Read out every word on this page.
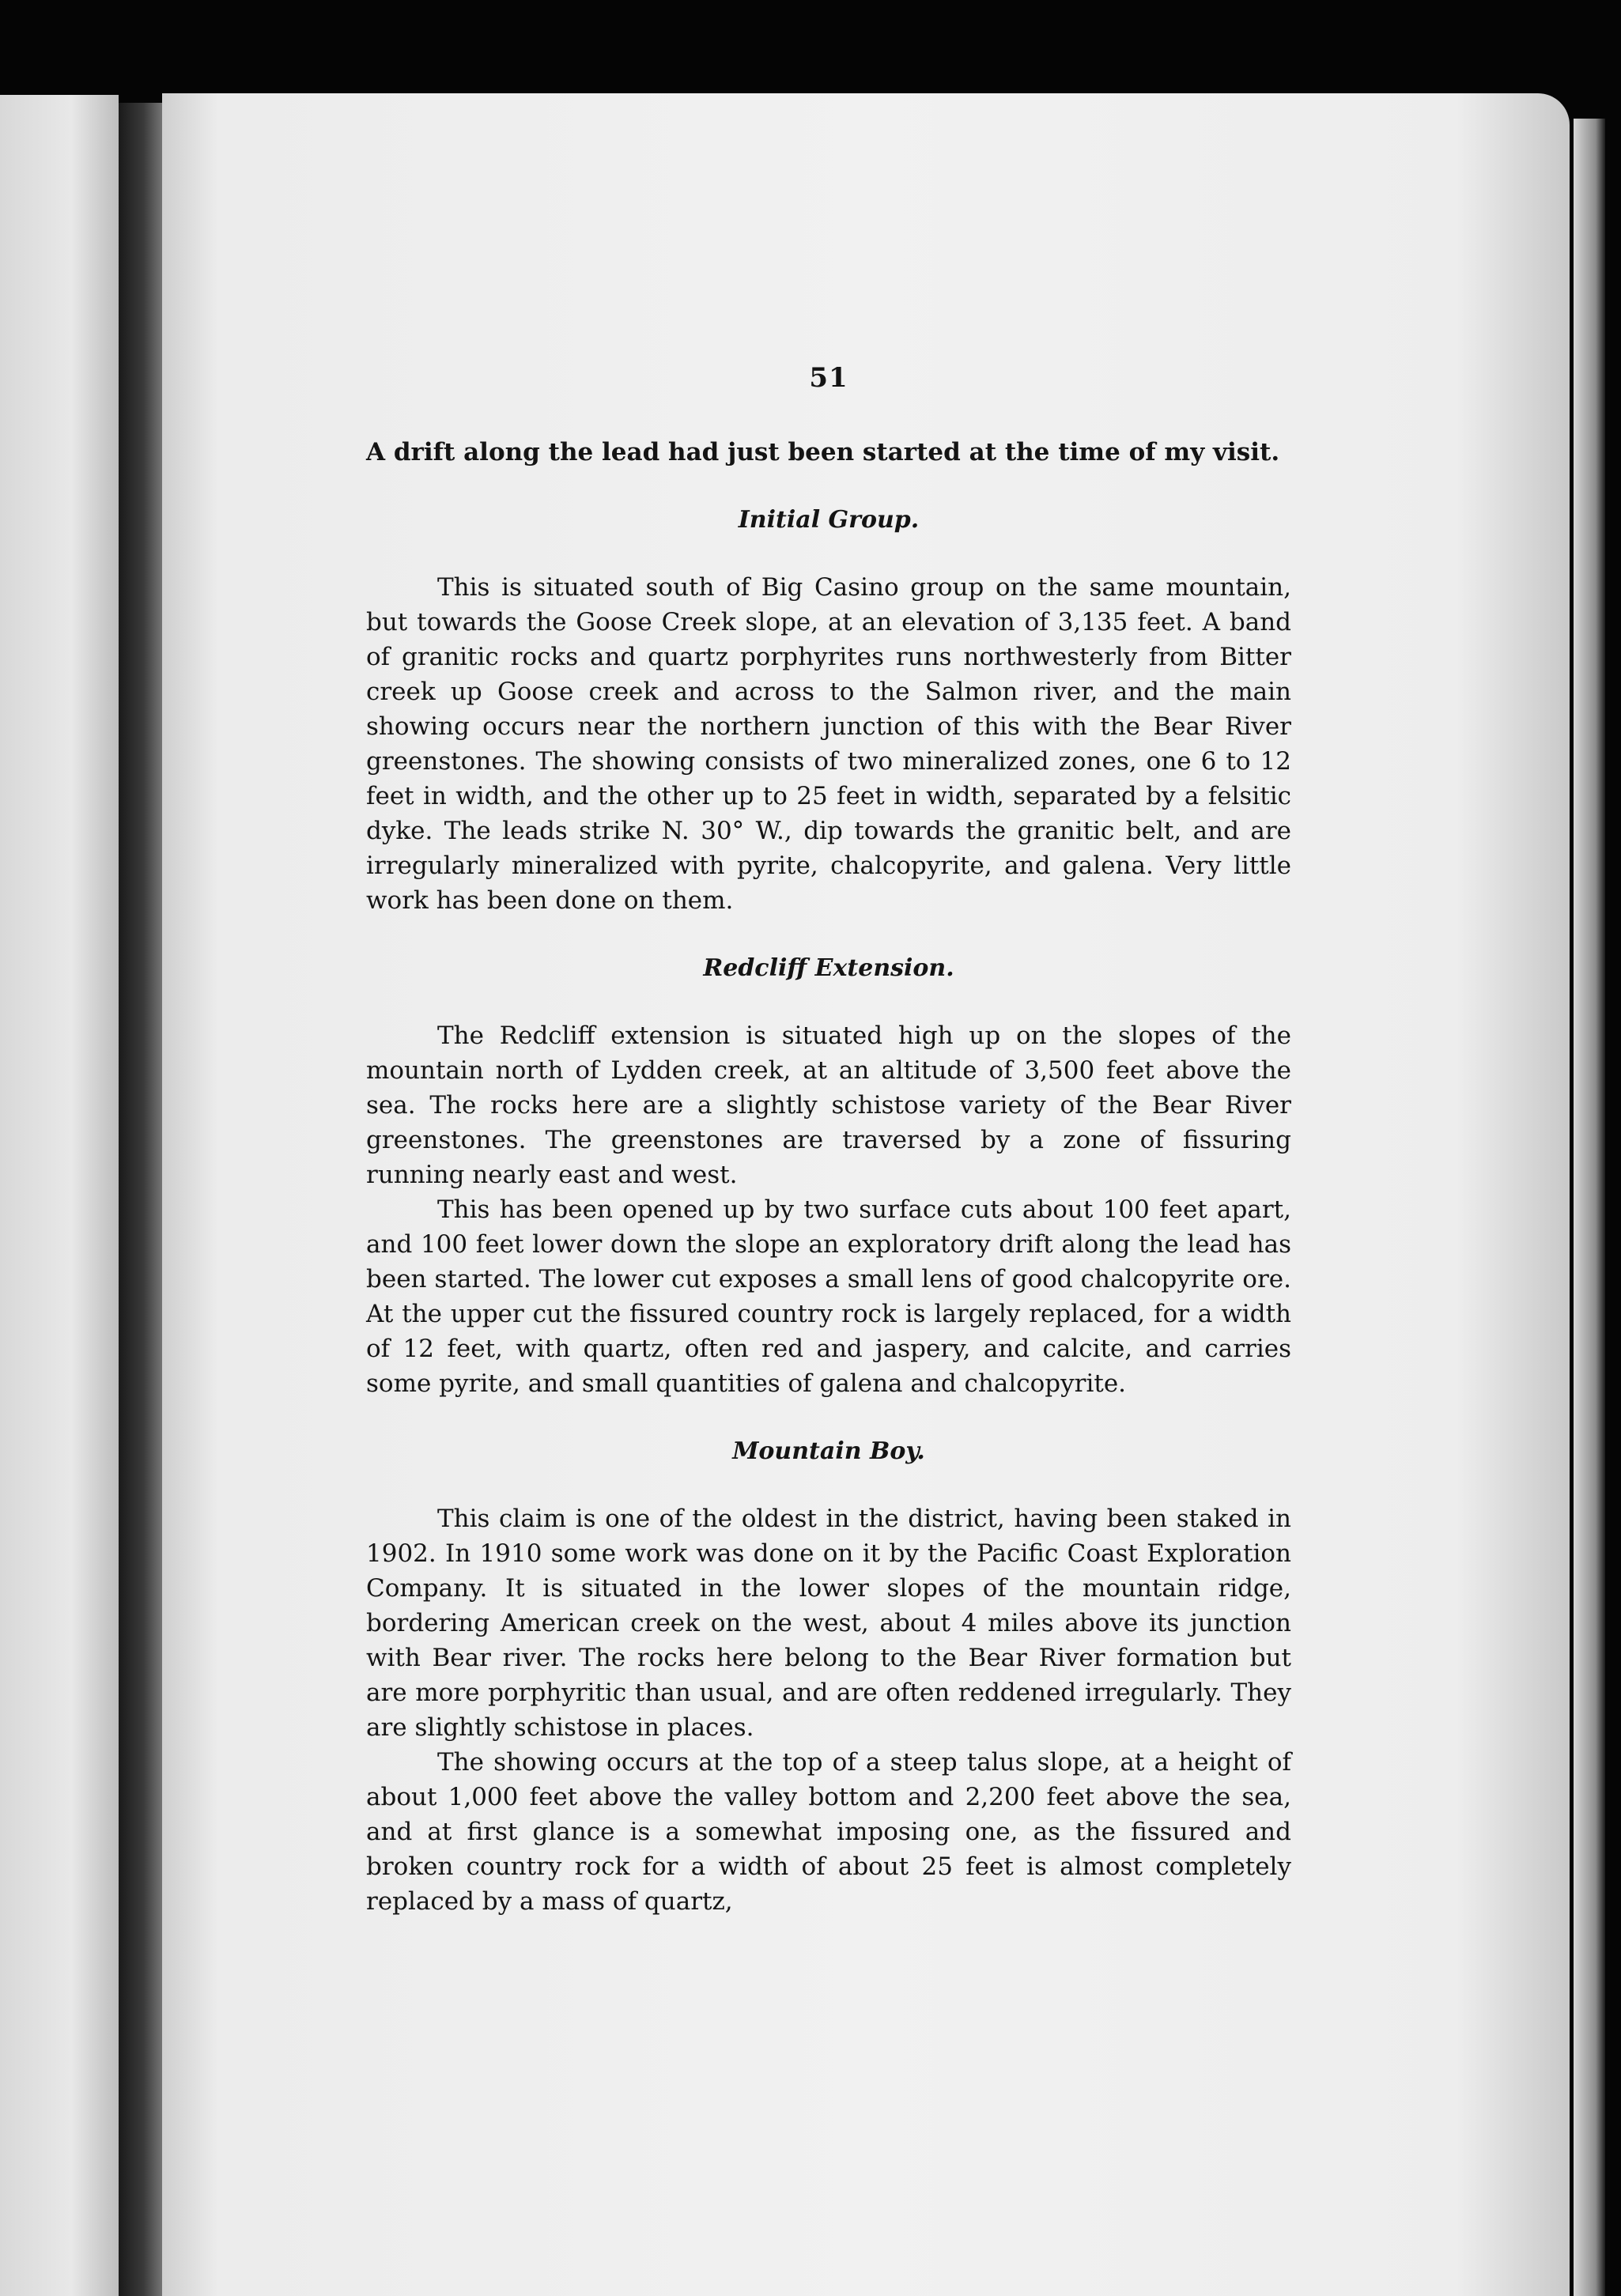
51

A drift along the lead had just been started at the time of my visit.

Initial Group.

This is situated south of Big Casino group on the same mountain, but towards the Goose Creek slope, at an elevation of 3,135 feet. A band of granitic rocks and quartz porphyrites runs northwesterly from Bitter creek up Goose creek and across to the Salmon river, and the main showing occurs near the northern junction of this with the Bear River greenstones. The showing consists of two mineralized zones, one 6 to 12 feet in width, and the other up to 25 feet in width, separated by a felsitic dyke. The leads strike N. 30° W., dip towards the granitic belt, and are irregularly mineralized with pyrite, chalcopyrite, and galena. Very little work has been done on them.

Redcliff Extension.

The Redcliff extension is situated high up on the slopes of the mountain north of Lydden creek, at an altitude of 3,500 feet above the sea. The rocks here are a slightly schistose variety of the Bear River greenstones. The greenstones are traversed by a zone of fissuring running nearly east and west.

This has been opened up by two surface cuts about 100 feet apart, and 100 feet lower down the slope an exploratory drift along the lead has been started. The lower cut exposes a small lens of good chalcopyrite ore. At the upper cut the fissured country rock is largely replaced, for a width of 12 feet, with quartz, often red and jaspery, and calcite, and carries some pyrite, and small quantities of galena and chalcopyrite.

Mountain Boy.

This claim is one of the oldest in the district, having been staked in 1902. In 1910 some work was done on it by the Pacific Coast Exploration Company. It is situated in the lower slopes of the mountain ridge, bordering American creek on the west, about 4 miles above its junction with Bear river. The rocks here belong to the Bear River formation but are more porphyritic than usual, and are often reddened irregularly. They are slightly schistose in places.

The showing occurs at the top of a steep talus slope, at a height of about 1,000 feet above the valley bottom and 2,200 feet above the sea, and at first glance is a somewhat imposing one, as the fissured and broken country rock for a width of about 25 feet is almost completely replaced by a mass of quartz,
